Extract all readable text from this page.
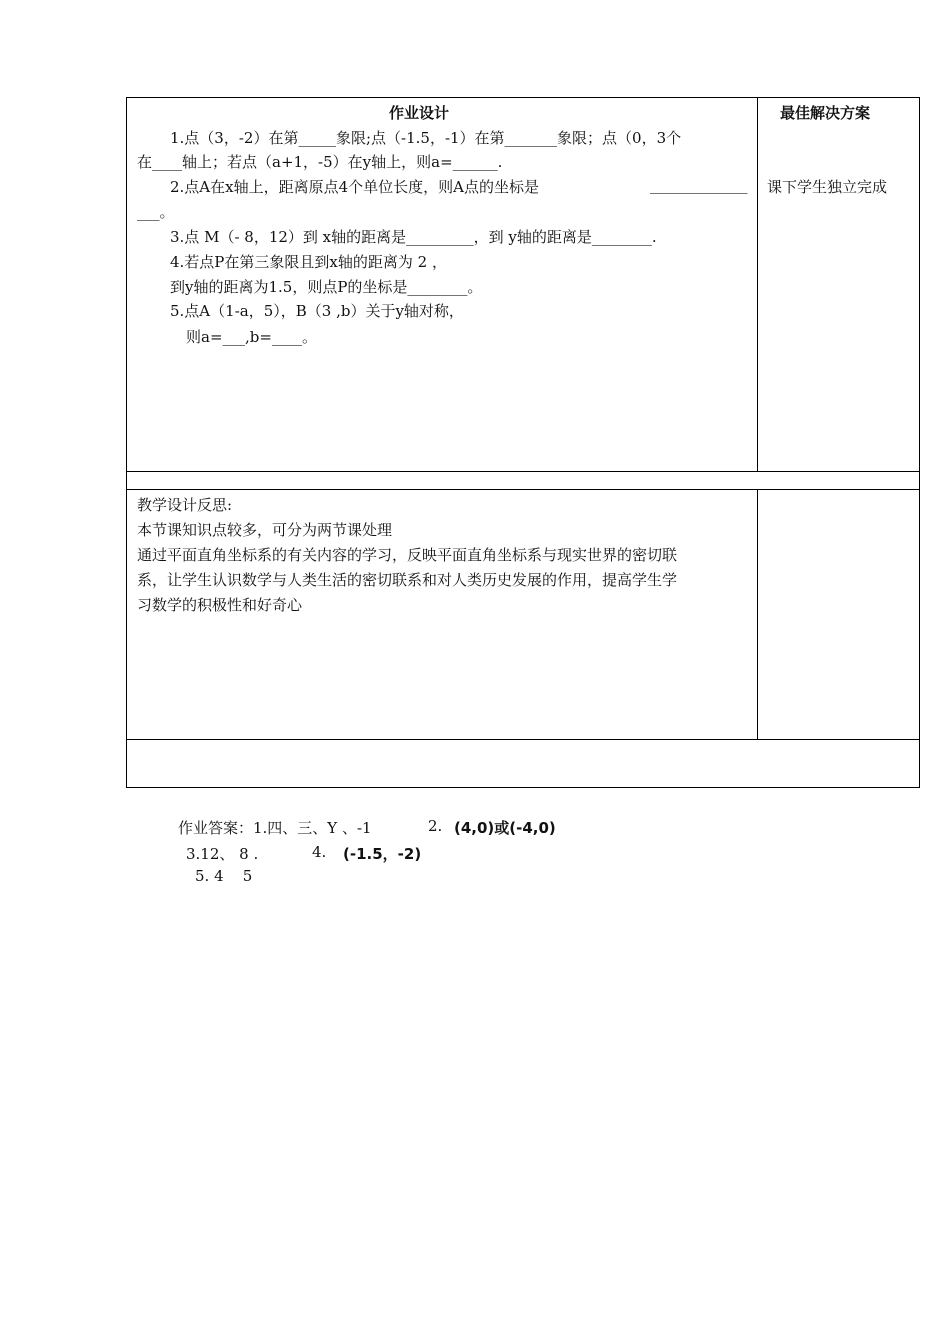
作业设计	最佳解决方案
1.点（3，-2）在第_____象限;点（-1.5，-1）在第_______象限；点（0，3个
在____轴上；若点（a+1，-5）在y轴上，则a=______.
2.点A在x轴上，距离原点4个单位长度，则A点的坐标是	_____________
___。
3.点 M（- 8，12）到 x轴的距离是_________，到 y轴的距离是________.
4.若点P在第三象限且到x轴的距离为 2 ，
到y轴的距离为1.5，则点P的坐标是________。
5.点A（1-a，5），B（3 ,b）关于y轴对称，
则a=___,b=____。
课下学生独立完成
教学设计反思:
本节课知识点较多，可分为两节课处理
通过平面直角坐标系的有关内容的学习，反映平面直角坐标系与现实世界的密切联
系，让学生认识数学与人类生活的密切联系和对人类历史发展的作用，提高学生学
习数学的积极性和好奇心
作业答案：1.四、三、Y 、-1	2. (4,0)或(-4,0)
3.12、 8 .	4. (-1.5，-2)
5. 4    5
